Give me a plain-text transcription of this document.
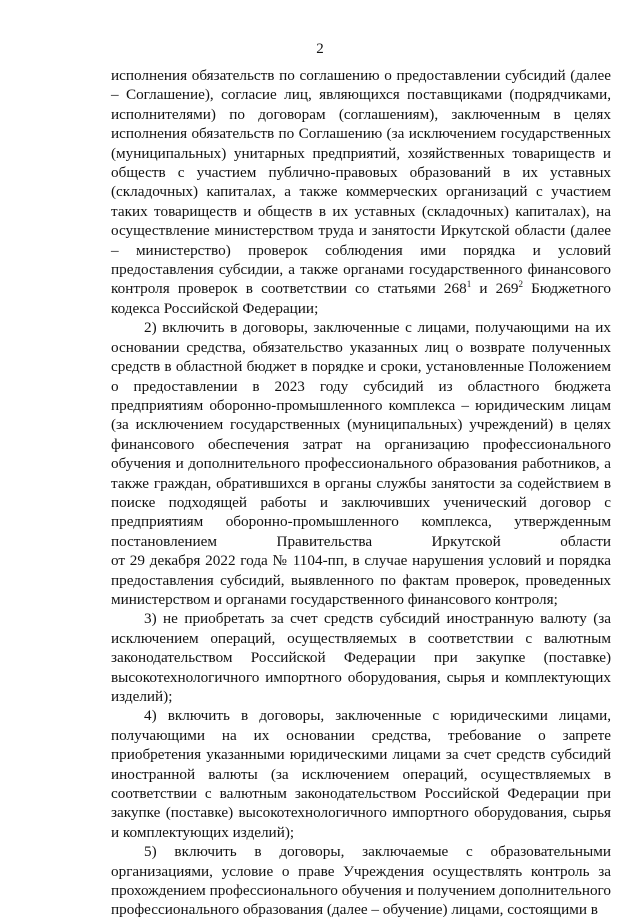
2

исполнения обязательств по соглашению о предоставлении субсидий (далее – Соглашение), согласие лиц, являющихся поставщиками (подрядчиками, исполнителями) по договорам (соглашениям), заключенным в целях исполнения обязательств по Соглашению (за исключением государственных (муниципальных) унитарных предприятий, хозяйственных товариществ и обществ с участием публично-правовых образований в их уставных (складочных) капиталах, а также коммерческих организаций с участием таких товариществ и обществ в их уставных (складочных) капиталах), на осуществление министерством труда и занятости Иркутской области (далее – министерство) проверок соблюдения ими порядка и условий предоставления субсидии, а также органами государственного финансового контроля проверок в соответствии со статьями $268^1$ и $269^2$ Бюджетного кодекса Российской Федерации;

2) включить в договоры, заключенные с лицами, получающими на их основании средства, обязательство указанных лиц о возврате полученных средств в областной бюджет в порядке и сроки, установленные Положением о предоставлении в 2023 году субсидий из областного бюджета предприятиям оборонно-промышленного комплекса – юридическим лицам (за исключением государственных (муниципальных) учреждений) в целях финансового обеспечения затрат на организацию профессионального обучения и дополнительного профессионального образования работников, а также граждан, обратившихся в органы службы занятости за содействием в поиске подходящей работы и заключивших ученический договор с предприятиям оборонно-промышленного комплекса, утвержденным постановлением Правительства Иркутской области

от 29 декабря 2022 года № 1104-пп, в случае нарушения условий и порядка предоставления субсидий, выявленного по фактам проверок, проведенных министерством и органами государственного финансового контроля;

3) не приобретать за счет средств субсидий иностранную валюту (за исключением операций, осуществляемых в соответствии с валютным законодательством Российской Федерации при закупке (поставке) высокотехнологичного импортного оборудования, сырья и комплектующих изделий);

4) включить в договоры, заключенные с юридическими лицами, получающими на их основании средства, требование о запрете приобретения указанными юридическими лицами за счет средств субсидий иностранной валюты (за исключением операций, осуществляемых в соответствии с валютным законодательством Российской Федерации при закупке (поставке) высокотехнологичного импортного оборудования, сырья и комплектующих изделий);

5) включить в договоры, заключаемые с образовательными организациями, условие о праве Учреждения осуществлять контроль за прохождением профессионального обучения и получением дополнительного профессионального образования (далее – обучение) лицами, состоящими в
